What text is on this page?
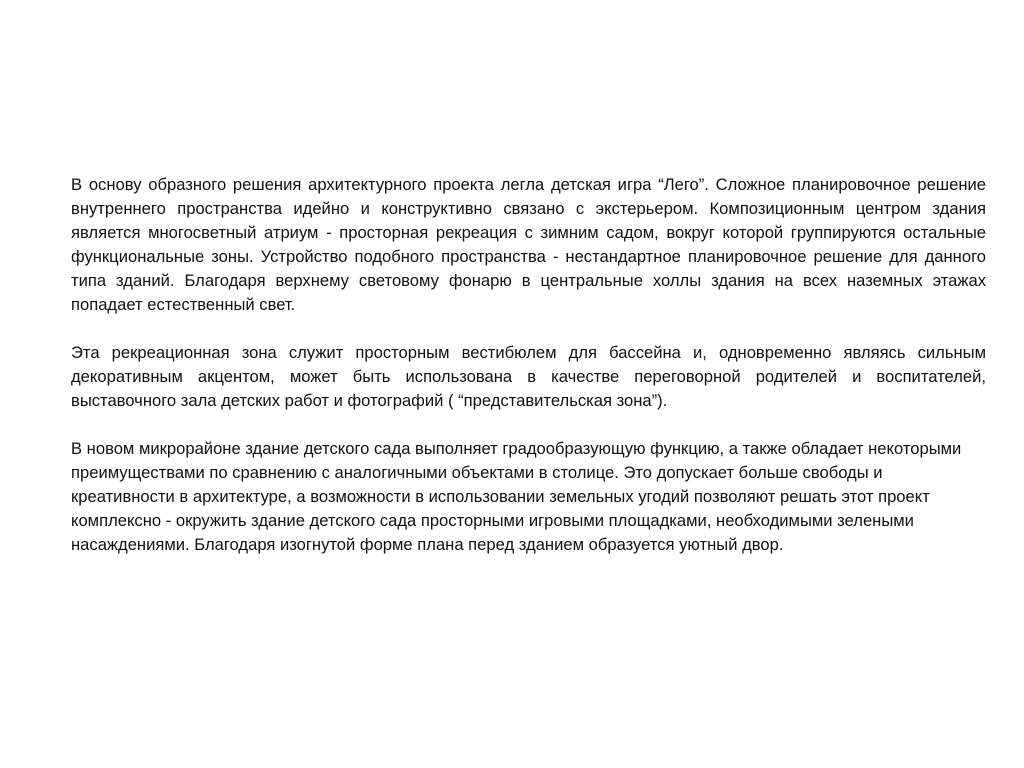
В основу образного решения архитектурного проекта легла детская игра “Лего”. Сложное планировочное решение внутреннего пространства идейно и конструктивно связано с экстерьером. Композиционным центром здания является многосветный атриум - просторная рекреация с зимним садом, вокруг которой группируются остальные функциональные зоны. Устройство подобного пространства - нестандартное планировочное решение для данного типа зданий. Благодаря верхнему световому фонарю в центральные холлы здания на всех наземных этажах попадает естественный свет.

Эта рекреационная зона служит просторным вестибюлем для бассейна и, одновременно являясь сильным декоративным акцентом, может быть использована в качестве переговорной родителей и воспитателей, выставочного зала детских работ и фотографий ( “представительская зона”).

В новом микрорайоне здание детского сада выполняет градообразующую функцию, а также обладает некоторыми преимуществами по сравнению с аналогичными объектами в столице. Это допускает больше свободы и креативности в архитектуре, а возможности в использовании земельных угодий позволяют решать этот проект комплексно - окружить здание детского сада просторными игровыми площадками, необходимыми зелеными насаждениями. Благодаря изогнутой форме плана перед зданием образуется уютный двор.
